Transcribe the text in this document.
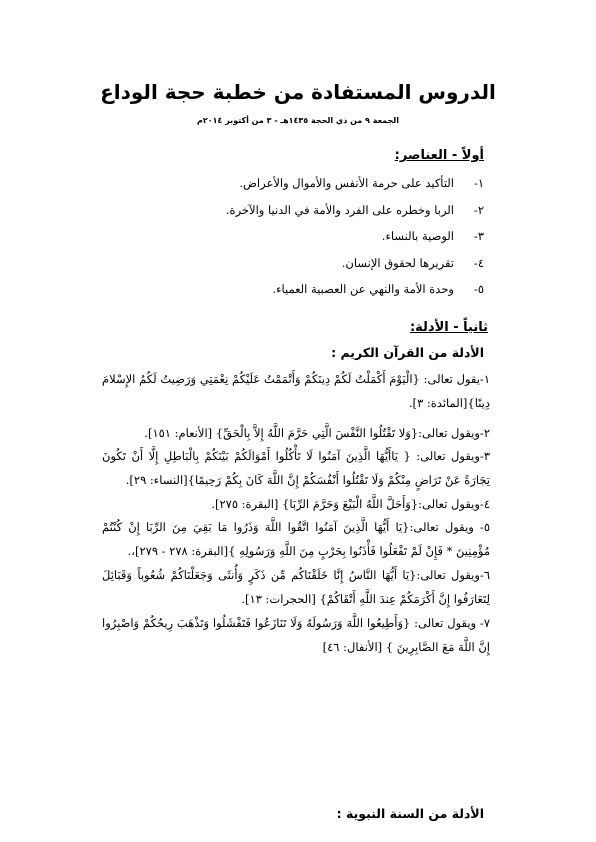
الدروس المستفادة من خطبة حجة الوداع
الجمعة ٩ من ذي الحجة ١٤٣٥هـ - ٣ من أكتوبر ٢٠١٤م
أولاً - العناصر:
١-التأكيد على حرمة الأنفس والأموال والأعراض.
٢-الربا وخطره على الفرد والأمة في الدنيا والآخرة.
٣-الوصية بالنساء.
٤-تقريرها لحقوق الإنسان.
٥-وحدة الأمة والنهي عن العصبية العمياء.
ثانياً - الأدلة:
الأدلة من القرآن الكريم :
١-يقول تعالى: {الْيَوْمَ أَكْمَلْتُ لَكُمْ دِينَكُمْ وَأَتْمَمْتُ عَلَيْكُمْ نِعْمَتِي وَرَضِيتُ لَكُمُ الإِسْلامَ دِينًا}[المائدة: ٣].
٢-ويقول تعالى:{وَلا تَقْتُلُوا النَّفْسَ الَّتِي حَرَّمَ اللَّهُ إِلاَّ بِالْحَقِّ} [الأنعام: ١٥١].
٣-ويقول تعالى: { يَاأَيُّهَا الَّذِينَ آمَنُوا لَا تَأْكُلُوا أَمْوَالَكُمْ بَيْنَكُمْ بِالْبَاطِلِ إِلَّا أَنْ تَكُونَ تِجَارَةً عَنْ تَرَاضٍ مِنْكُمْ وَلَا تَقْتُلُوا أَنْفُسَكُمْ إِنَّ اللَّهَ كَانَ بِكُمْ رَحِيمًا}[النساء: ٢٩].
٤-ويقول تعالى:{وَأَحَلَّ اللَّهُ الْبَيْعَ وَحَرَّمَ الرِّبَا} [البقرة: ٢٧٥].
٥- ويقول تعالى:{يَا أَيُّهَا الَّذِينَ آمَنُوا اتَّقُوا اللَّهَ وَذَرُوا مَا بَقِيَ مِنَ الرِّبَا إِنْ كُنْتُمْ مُؤْمِنِينَ * فَإِنْ لَمْ تَفْعَلُوا فَأْذَنُوا بِحَرْبٍ مِنَ اللَّهِ وَرَسُولِهِ }[البقرة: ٢٧٨ - ٢٧٩]،.
٦-ويقول تعالى:{يَا أَيُّهَا النَّاسُ إِنَّا خَلَقْنَاكُم مِّن ذَكَرٍ وَأُنثَى وَجَعَلْنَاكُمْ شُعُوباً وَقَبَائِلَ لِتَعَارَفُوا إِنَّ أَكْرَمَكُمْ عِندَ اللَّهِ أَتْقَاكُمْ} [الحجرات: ١٣].
٧- ويقول تعالى: {وَأَطِيعُوا اللَّهَ وَرَسُولَهُ وَلَا تَنَازَعُوا فَتَفْشَلُوا وَتَذْهَبَ رِيحُكُمْ وَاصْبِرُوا إِنَّ اللَّهَ مَعَ الصَّابِرِينَ } [الأنفال: ٤٦]
الأدلة من السنة النبوية :
